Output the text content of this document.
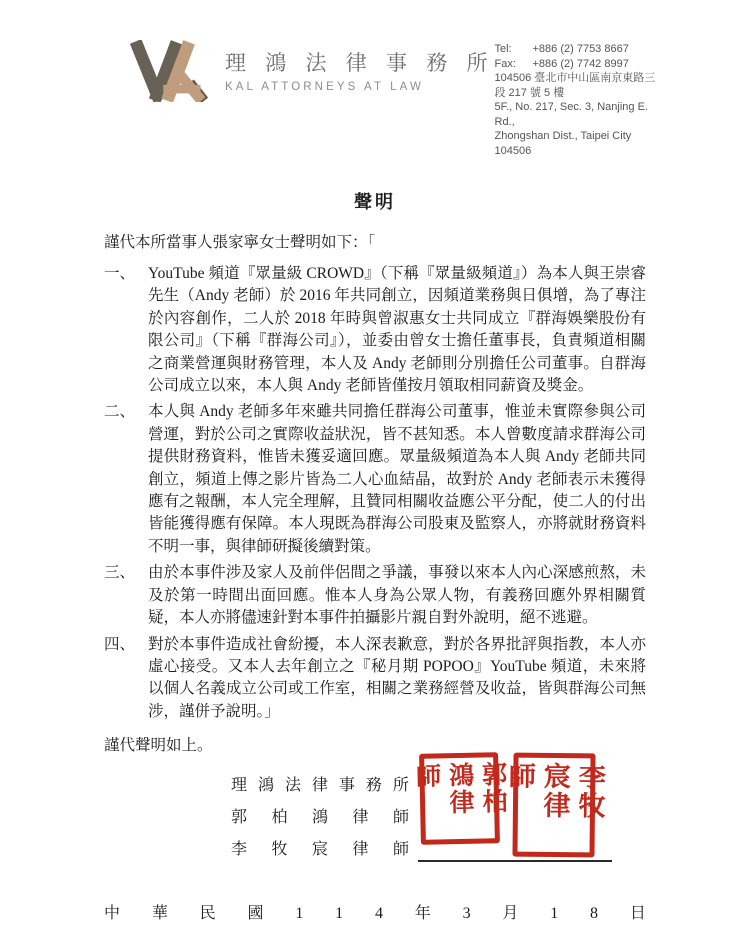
理 鴻 法 律 事 務 所
KAL ATTORNEYS AT LAW
Tel:	+886 (2) 7753 8667
Fax:	+886 (2) 7742 8997
104506 臺北市中山區南京東路三段 217 號 5 樓
5F., No. 217, Sec. 3, Nanjing E. Rd.,
Zhongshan Dist., Taipei City 104506
聲明
謹代本所當事人張家寧女士聲明如下：「
一、 YouTube 頻道『眾量級 CROWD』（下稱『眾量級頻道』）為本人與王崇睿先生（Andy 老師）於 2016 年共同創立，因頻道業務與日俱增，為了專注於內容創作，二人於 2018 年時與曾淑惠女士共同成立『群海娛樂股份有限公司』（下稱『群海公司』），並委由曾女士擔任董事長，負責頻道相關之商業營運與財務管理，本人及 Andy 老師則分別擔任公司董事。自群海公司成立以來，本人與 Andy 老師皆僅按月領取相同薪資及獎金。
二、 本人與 Andy 老師多年來雖共同擔任群海公司董事，惟並未實際參與公司營運，對於公司之實際收益狀況，皆不甚知悉。本人曾數度請求群海公司提供財務資料，惟皆未獲妥適回應。眾量級頻道為本人與 Andy 老師共同創立，頻道上傳之影片皆為二人心血結晶，故對於 Andy 老師表示未獲得應有之報酬，本人完全理解，且贊同相關收益應公平分配，使二人的付出皆能獲得應有保障。本人現既為群海公司股東及監察人，亦將就財務資料不明一事，與律師研擬後續對策。
三、 由於本事件涉及家人及前伴侶間之爭議，事發以來本人內心深感煎熬，未及於第一時間出面回應。惟本人身為公眾人物，有義務回應外界相關質疑，本人亦將儘速針對本事件拍攝影片親自對外說明，絕不逃避。
四、 對於本事件造成社會紛擾，本人深表歉意，對於各界批評與指教，本人亦虛心接受。又本人去年創立之『秘月期 POPOO』YouTube 頻道，未來將以個人名義成立公司或工作室，相關之業務經營及收益，皆與群海公司無涉，謹併予說明。」
謹代聲明如上。
理 鴻 法 律 事 務 所
郭 柏 鴻 律 師
李 牧 宸 律 師
郭柏鴻律師	李牧宸律師
中 華 民 國 1 1 4 年 3 月 1 8 日
